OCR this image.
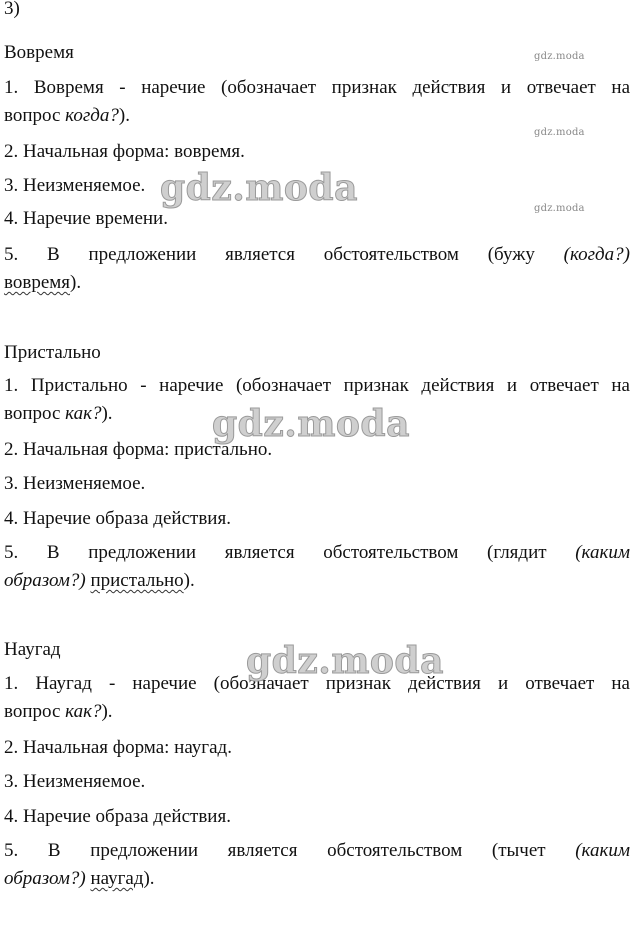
3)
Вовремя
1. Вовремя - наречие (обозначает признак действия и отвечает на
вопрос когда?).
2. Начальная форма: вовремя.
3. Неизменяемое.
4. Наречие времени.
5. В предложении является обстоятельством (бужу (когда?)
вовремя).
Пристально
1. Пристально - наречие (обозначает признак действия и отвечает на
вопрос как?).
2. Начальная форма: пристально.
3. Неизменяемое.
4. Наречие образа действия.
5. В предложении является обстоятельством (глядит (каким
образом?) пристально).
Наугад
1. Наугад - наречие (обозначает признак действия и отвечает на
вопрос как?).
2. Начальная форма: наугад.
3. Неизменяемое.
4. Наречие образа действия.
5. В предложении является обстоятельством (тычет (каким
образом?) наугад).
gdz.moda
gdz.moda
gdz.moda
gdz.moda
gdz.moda
gdz.moda
